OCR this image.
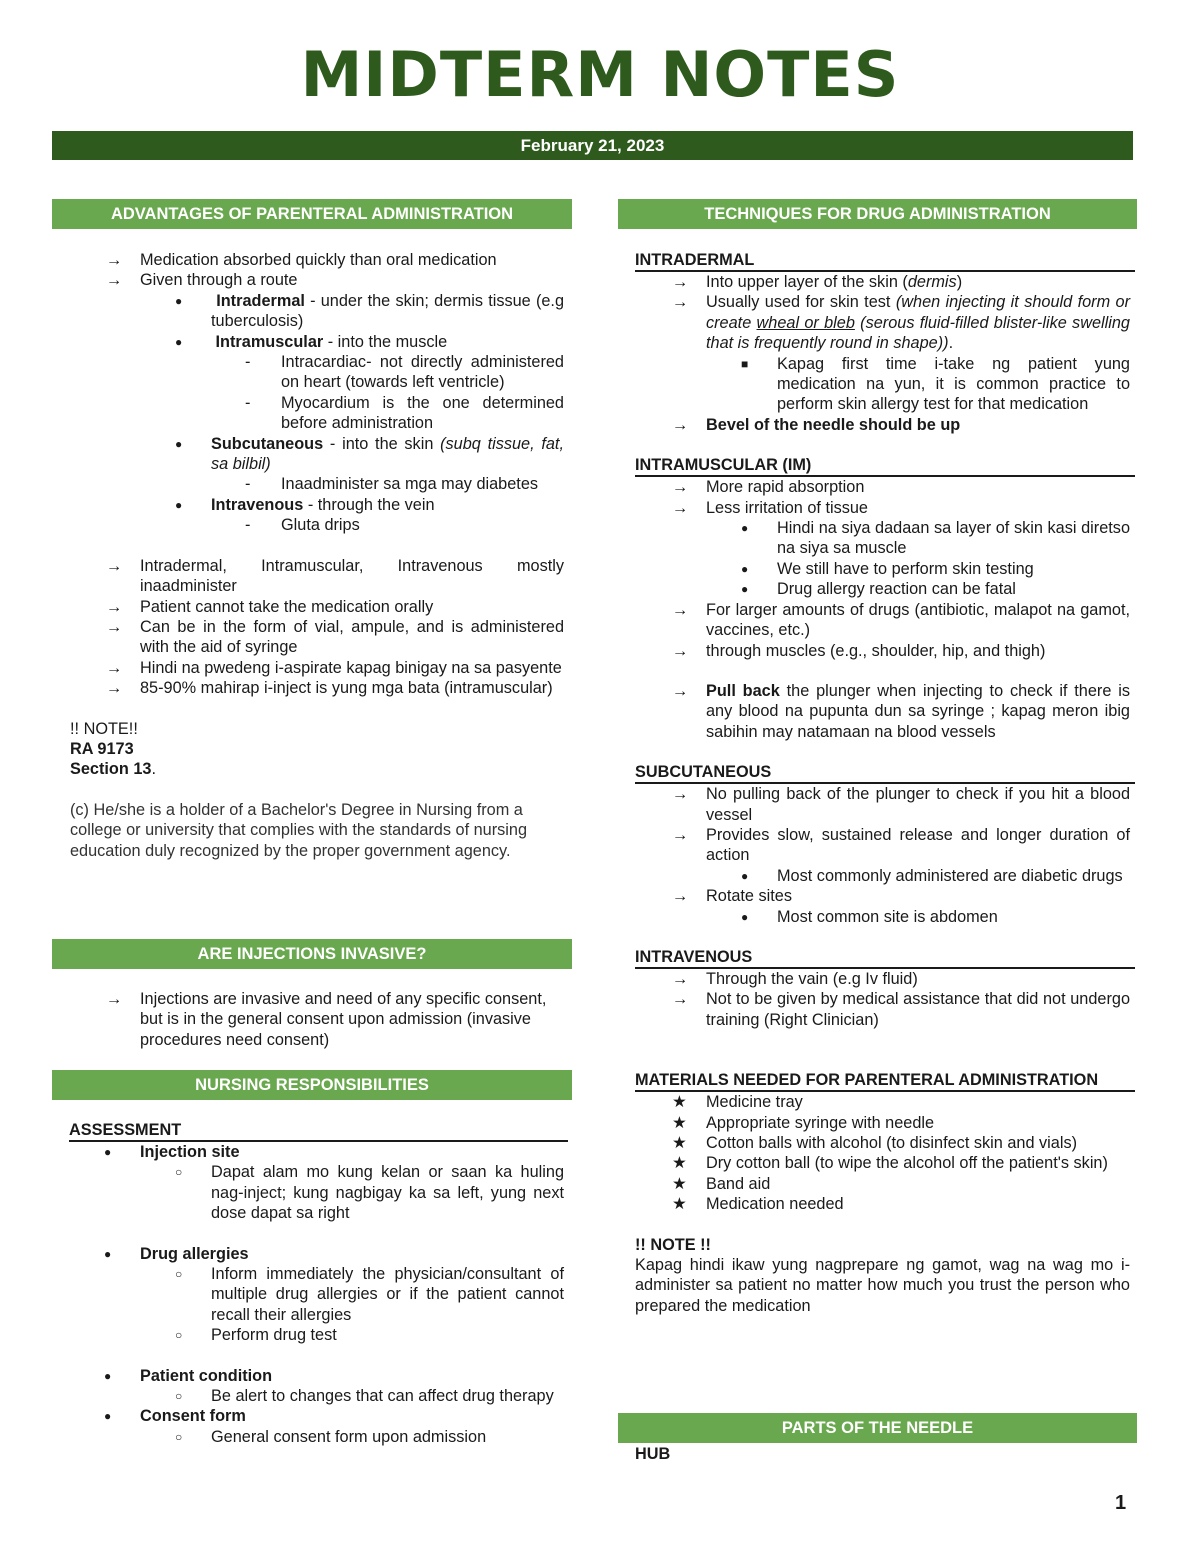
MIDTERM NOTES
February 21, 2023
ADVANTAGES OF PARENTERAL ADMINISTRATION
→ Medication absorbed quickly than oral medication
→ Given through a route
● Intradermal - under the skin; dermis tissue (e.g tuberculosis)
● Intramuscular - into the muscle
- Intracardiac- not directly administered on heart (towards left ventricle)
- Myocardium is the one determined before administration
● Subcutaneous - into the skin (subq tissue, fat, sa bilbil)
- Inaadminister sa mga may diabetes
● Intravenous - through the vein
- Gluta drips
→ Intradermal, Intramuscular, Intravenous mostly inaadminister
→ Patient cannot take the medication orally
→ Can be in the form of vial, ampule, and is administered with the aid of syringe
→ Hindi na pwedeng i-aspirate kapag binigay na sa pasyente
→ 85-90% mahirap i-inject is yung mga bata (intramuscular)
!! NOTE!!
RA 9173
Section 13.
(c) He/she is a holder of a Bachelor's Degree in Nursing from a college or university that complies with the standards of nursing education duly recognized by the proper government agency.
ARE INJECTIONS INVASIVE?
→ Injections are invasive and need of any specific consent, but is in the general consent upon admission (invasive procedures need consent)
NURSING RESPONSIBILITIES
ASSESSMENT
● Injection site
○ Dapat alam mo kung kelan or saan ka huling nag-inject; kung nagbigay ka sa left, yung next dose dapat sa right
● Drug allergies
○ Inform immediately the physician/consultant of multiple drug allergies or if the patient cannot recall their allergies
○ Perform drug test
● Patient condition
○ Be alert to changes that can affect drug therapy
● Consent form
○ General consent form upon admission
TECHNIQUES FOR DRUG ADMINISTRATION
INTRADERMAL
→ Into upper layer of the skin (dermis)
→ Usually used for skin test (when injecting it should form or create wheal or bleb (serous fluid-filled blister-like swelling that is frequently round in shape)).
■ Kapag first time i-take ng patient yung medication na yun, it is common practice to perform skin allergy test for that medication
→ Bevel of the needle should be up
INTRAMUSCULAR (IM)
→ More rapid absorption
→ Less irritation of tissue
● Hindi na siya dadaan sa layer of skin kasi diretso na siya sa muscle
● We still have to perform skin testing
● Drug allergy reaction can be fatal
→ For larger amounts of drugs (antibiotic, malapot na gamot, vaccines, etc.)
→ through muscles (e.g., shoulder, hip, and thigh)
→ Pull back the plunger when injecting to check if there is any blood na pupunta dun sa syringe ; kapag meron ibig sabihin may natamaan na blood vessels
SUBCUTANEOUS
→ No pulling back of the plunger to check if you hit a blood vessel
→ Provides slow, sustained release and longer duration of action
● Most commonly administered are diabetic drugs
→ Rotate sites
● Most common site is abdomen
INTRAVENOUS
→ Through the vain (e.g Iv fluid)
→ Not to be given by medical assistance that did not undergo training (Right Clinician)
MATERIALS NEEDED FOR PARENTERAL ADMINISTRATION
★ Medicine tray
★ Appropriate syringe with needle
★ Cotton balls with alcohol (to disinfect skin and vials)
★ Dry cotton ball (to wipe the alcohol off the patient's skin)
★ Band aid
★ Medication needed
!! NOTE !!
Kapag hindi ikaw yung nagprepare ng gamot, wag na wag mo i-administer sa patient no matter how much you trust the person who prepared the medication
PARTS OF THE NEEDLE
HUB
1
